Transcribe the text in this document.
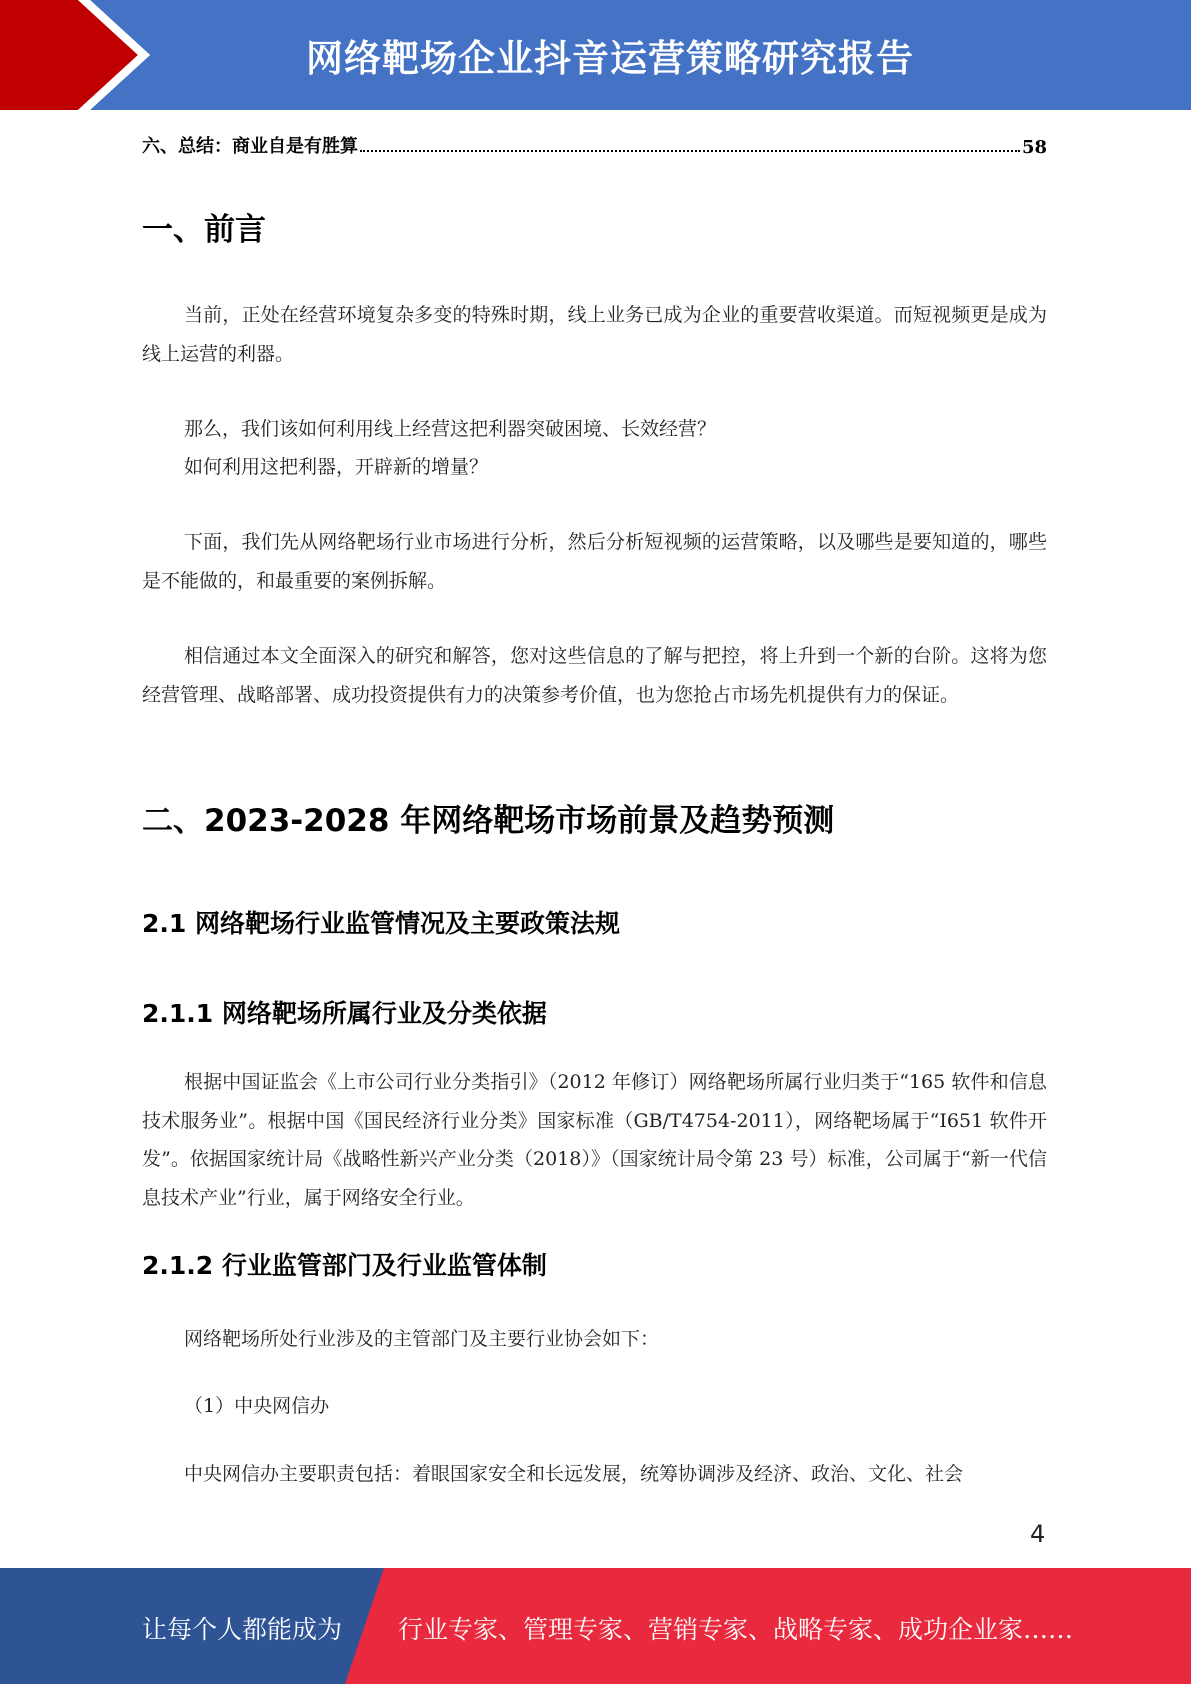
网络靶场企业抖音运营策略研究报告
六、总结：商业自是有胜算	58
一、前言
当前，正处在经营环境复杂多变的特殊时期，线上业务已成为企业的重要营收渠道。而短视频更是成为线上运营的利器。
那么，我们该如何利用线上经营这把利器突破困境、长效经营？
如何利用这把利器，开辟新的增量？
下面，我们先从网络靶场行业市场进行分析，然后分析短视频的运营策略，以及哪些是要知道的，哪些是不能做的，和最重要的案例拆解。
相信通过本文全面深入的研究和解答，您对这些信息的了解与把控，将上升到一个新的台阶。这将为您经营管理、战略部署、成功投资提供有力的决策参考价值，也为您抢占市场先机提供有力的保证。
二、2023-2028 年网络靶场市场前景及趋势预测
2.1 网络靶场行业监管情况及主要政策法规
2.1.1 网络靶场所属行业及分类依据
根据中国证监会《上市公司行业分类指引》（2012 年修订）网络靶场所属行业归类于“165 软件和信息技术服务业”。根据中国《国民经济行业分类》国家标准（GB/T4754-2011），网络靶场属于“I651 软件开发”。依据国家统计局《战略性新兴产业分类（2018）》（国家统计局令第 23 号）标准，公司属于“新一代信息技术产业”行业，属于网络安全行业。
2.1.2 行业监管部门及行业监管体制
网络靶场所处行业涉及的主管部门及主要行业协会如下：
（1）中央网信办
中央网信办主要职责包括：着眼国家安全和长远发展，统筹协调涉及经济、政治、文化、社会
4
让每个人都能成为 行业专家、管理专家、营销专家、战略专家、成功企业家……
